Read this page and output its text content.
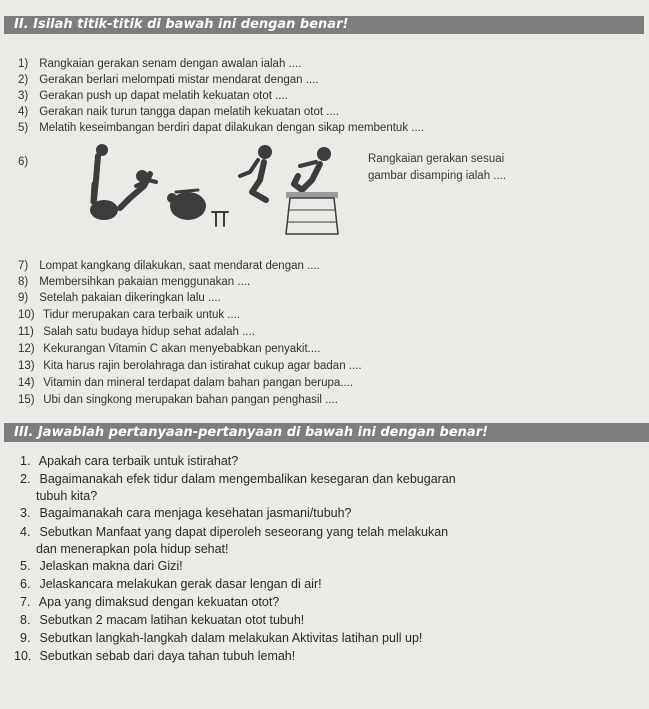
II. Isilah titik-titik di bawah ini dengan benar!
1) Rangkaian gerakan senam dengan awalan ialah ....
2) Gerakan berlari melompati mistar mendarat dengan ....
3) Gerakan push up dapat melatih kekuatan otot ....
4) Gerakan naik turun tangga dapan melatih kekuatan otot ....
5) Melatih keseimbangan berdiri dapat dilakukan dengan sikap membentuk ....
6)	Rangkaian gerakan sesuai
gambar disamping ialah ....
7) Lompat kangkang dilakukan, saat mendarat dengan ....
8) Membersihkan pakaian menggunakan ....
9) Setelah pakaian dikeringkan lalu ....
10) Tidur merupakan cara terbaik untuk ....
11) Salah satu budaya hidup sehat adalah ....
12) Kekurangan Vitamin C akan menyebabkan penyakit....
13) Kita harus rajin berolahraga dan istirahat cukup agar badan ....
14) Vitamin dan mineral terdapat dalam bahan pangan berupa....
15) Ubi dan singkong merupakan bahan pangan penghasil ....
III. Jawablah pertanyaan-pertanyaan di bawah ini dengan benar!
1. Apakah cara terbaik untuk istirahat?
2. Bagaimanakah efek tidur dalam mengembalikan kesegaran dan kebugaran
tubuh kita?
3. Bagaimanakah cara menjaga kesehatan jasmani/tubuh?
4. Sebutkan Manfaat yang dapat diperoleh seseorang yang telah melakukan
dan menerapkan pola hidup sehat!
5. Jelaskan makna dari Gizi!
6. Jelaskancara melakukan gerak dasar lengan di air!
7. Apa yang dimaksud dengan kekuatan otot?
8. Sebutkan 2 macam latihan kekuatan otot tubuh!
9. Sebutkan langkah-langkah dalam melakukan Aktivitas latihan pull up!
10. Sebutkan sebab dari daya tahan tubuh lemah!
